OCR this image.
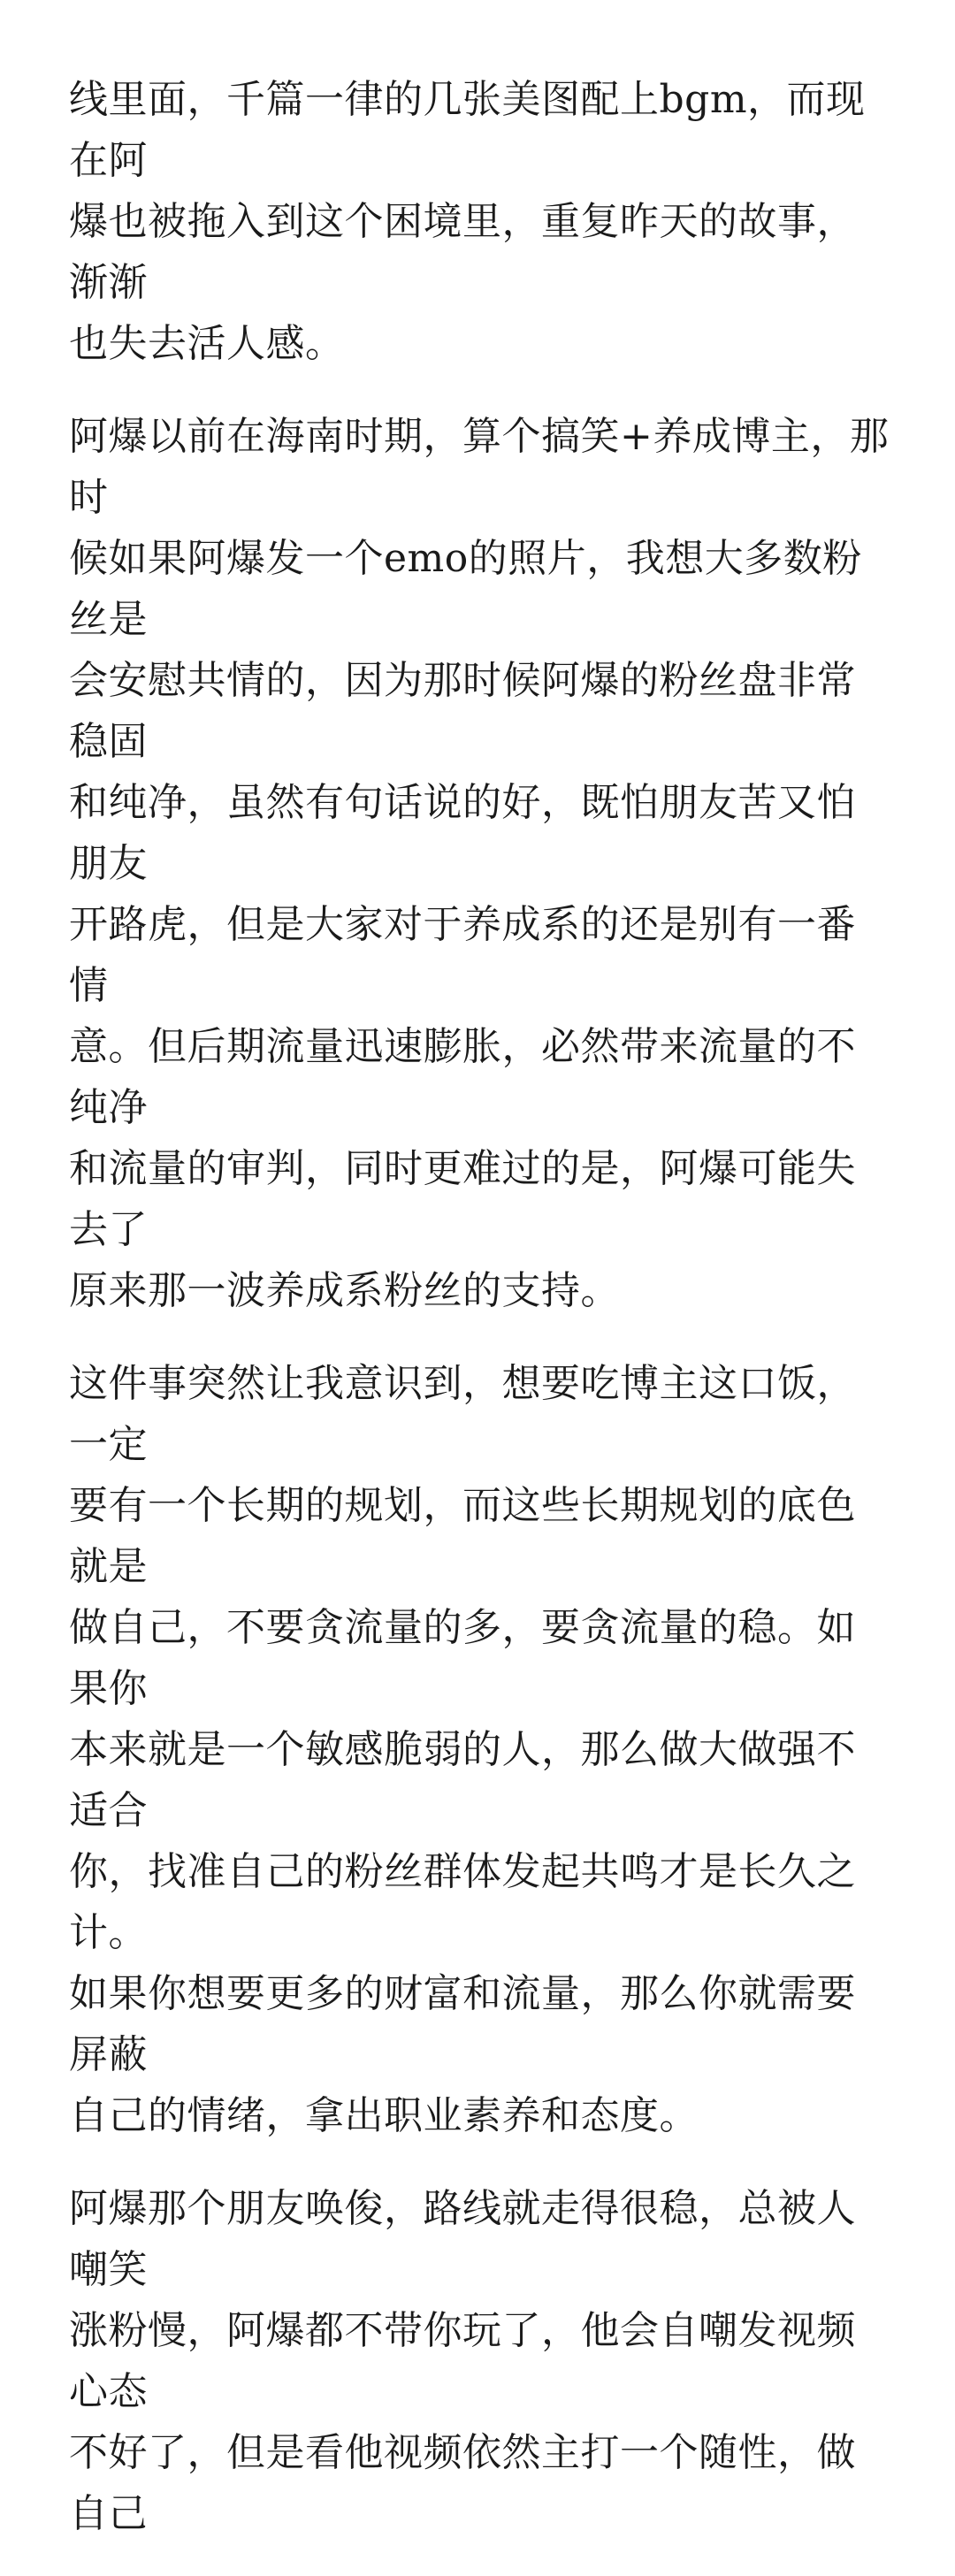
线里面，千篇一律的几张美图配上bgm，而现在阿
爆也被拖入到这个困境里，重复昨天的故事，渐渐
也失去活人感。

阿爆以前在海南时期，算个搞笑+养成博主，那时
候如果阿爆发一个emo的照片，我想大多数粉丝是
会安慰共情的，因为那时候阿爆的粉丝盘非常稳固
和纯净，虽然有句话说的好，既怕朋友苦又怕朋友
开路虎，但是大家对于养成系的还是别有一番情
意。但后期流量迅速膨胀，必然带来流量的不纯净
和流量的审判，同时更难过的是，阿爆可能失去了
原来那一波养成系粉丝的支持。

这件事突然让我意识到，想要吃博主这口饭，一定
要有一个长期的规划，而这些长期规划的底色就是
做自己，不要贪流量的多，要贪流量的稳。如果你
本来就是一个敏感脆弱的人，那么做大做强不适合
你，找准自己的粉丝群体发起共鸣才是长久之计。
如果你想要更多的财富和流量，那么你就需要屏蔽
自己的情绪，拿出职业素养和态度。

阿爆那个朋友唤俊，路线就走得很稳，总被人嘲笑
涨粉慢，阿爆都不带你玩了，他会自嘲发视频心态
不好了，但是看他视频依然主打一个随性，做自己
